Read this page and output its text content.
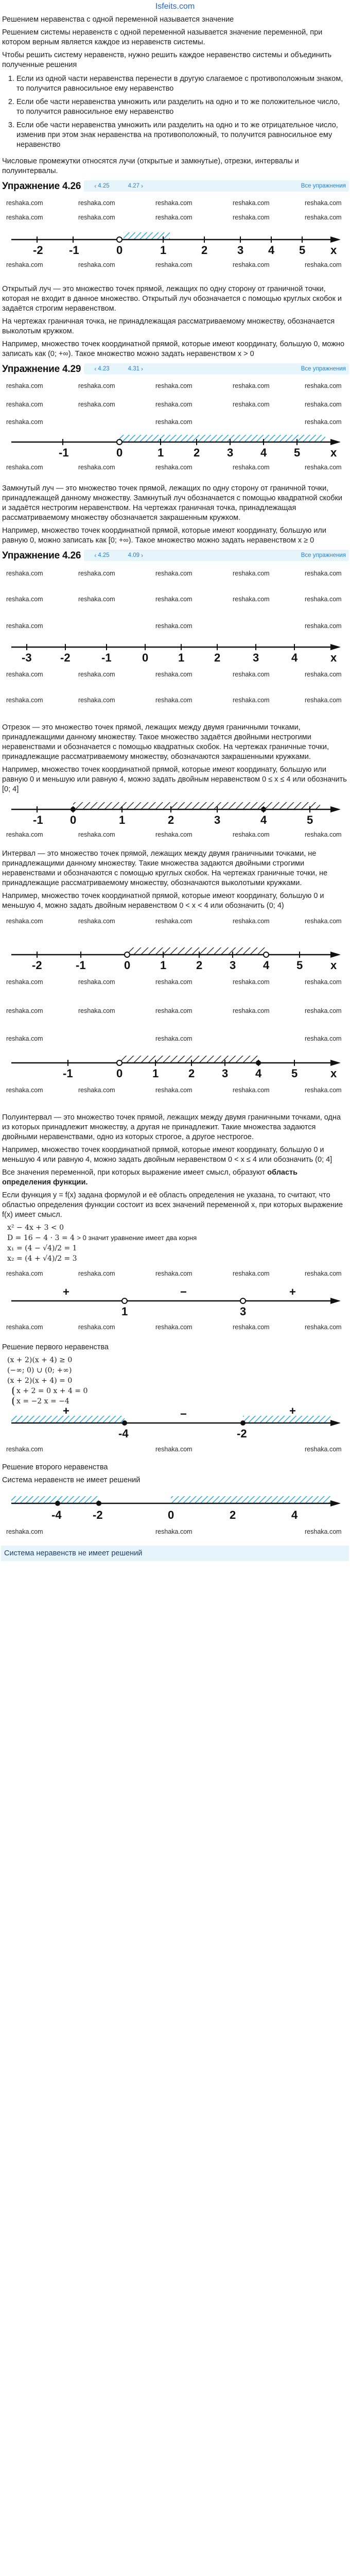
Isfeits.com

Решением неравенства с одной переменной называется значение

Решением системы неравенств с одной переменной называется значение переменной, при котором верным является каждое из неравенств системы.

Чтобы решить систему неравенств, нужно решить каждое неравенство системы и объединить полученные решения

1. Если из одной части неравенства перенести в другую слагаемое с противоположным знаком, то получится равносильное ему неравенство
2. Если обе части неравенства умножить или разделить на одно и то же положительное число, то получится равносильное ему неравенство
3. Если обе части неравенства умножить или разделить на одно и то же отрицательное число, изменив при этом знак неравенства на противоположный, то получится равносильное ему неравенство

Числовые промежутки относятся лучи (открытые и замкнутые), отрезки, интервалы и полуинтервалы.

Упражнение 4.26	‹ 4.25	4.27 ›	Все упражнения
reshaka.com	reshaka.com	reshaka.com	reshaka.com	reshaka.com
reshaka.com	reshaka.com	reshaka.com	reshaka.com	reshaka.com
-2 -1	0	1	2	3 4 5 x
reshaka.com	reshaka.com	reshaka.com	reshaka.com	reshaka.com

Открытый луч — это множество точек прямой, лежащих по одну сторону от граничной точки, которая не входит в данное множество. Открытый луч обозначается с помощью круглых скобок и задаётся строгим неравенством.

На чертежах граничная точка, не принадлежащая рассматриваемому множеству, обозначается выколотым кружком.

Например, множество точек координатной прямой, которые имеют координату, большую 0, можно записать как (0; +∞). Такое множество можно задать неравенством x > 0

Упражнение 4.29	‹ 4.23	4.31 ›	Все упражнения
reshaka.com	reshaka.com	reshaka.com	reshaka.com	reshaka.com
reshaka.com	reshaka.com	reshaka.com	reshaka.com	reshaka.com
reshaka.com	reshaka.com	reshaka.com
-1	0	1	2 3 4 5	x
reshaka.com	reshaka.com	reshaka.com	reshaka.com	reshaka.com

Замкнутый луч — это множество точек прямой, лежащих по одну сторону от граничной точки, принадлежащей данному множеству. Замкнутый луч обозначается с помощью квадратной скобки и задаётся нестрогим неравенством. На чертежах граничная точка, принадлежащая рассматриваемому множеству обозначается закрашенным кружком.

Например, множество точек координатной прямой, которые имеют координату, большую или равную 0, можно записать как [0; +∞). Такое множество можно задать неравенством x ≥ 0

Упражнение 4.26	‹ 4.25	4.09 ›	Все упражнения
reshaka.com	reshaka.com	reshaka.com	reshaka.com	reshaka.com
reshaka.com	reshaka.com	reshaka.com	reshaka.com	reshaka.com
reshaka.com	reshaka.com	reshaka.com
-3	-2	-1	0	1	2	3	4	x
reshaka.com	reshaka.com	reshaka.com	reshaka.com	reshaka.com
reshaka.com	reshaka.com	reshaka.com	reshaka.com	reshaka.com

Отрезок — это множество точек прямой, лежащих между двумя граничными точками, принадлежащими данному множеству. Такое множество задаётся двойными нестрогими неравенствами и обозначается с помощью квадратных скобок. На чертежах граничные точки, принадлежащие рассматриваемому множеству, обозначаются закрашенными кружками.

Например, множество точек координатной прямой, которые имеют координату, большую или равную 0 и меньшую или равную 4, можно задать двойным неравенством 0 ≤ x ≤ 4 или обозначить [0; 4]

-1 0	1	2	3	4	5
reshaka.com	reshaka.com	reshaka.com	reshaka.com	reshaka.com

Интервал — это множество точек прямой, лежащих между двумя граничными точками, не принадлежащими данному множеству. Такие множества задаются двойными строгими неравенствами и обозначаются с помощью круглых скобок. На чертежах граничные точки, не принадлежащие рассматриваемому множеству, обозначаются выколотыми кружками.

Например, множество точек координатной прямой, которые имеют координату, большую 0 и меньшую 4, можно задать двойным неравенством 0 < x < 4 или обозначить (0; 4)

reshaka.com	reshaka.com	reshaka.com	reshaka.com	reshaka.com
-2	-1	0	1	2 3 4 5 x
reshaka.com	reshaka.com	reshaka.com	reshaka.com	reshaka.com
reshaka.com	reshaka.com	reshaka.com	reshaka.com	reshaka.com
reshaka.com	reshaka.com	reshaka.com
-1	0	1	2 3 4	5	x
reshaka.com	reshaka.com	reshaka.com	reshaka.com	reshaka.com

Полуинтервал — это множество точек прямой, лежащих между двумя граничными точками, одна из которых принадлежит множеству, а другая не принадлежит. Такие множества задаются двойными неравенствами, одно из которых строгое, а другое нестрогое.

Например, множество точек координатной прямой, которые имеют координату, большую 0 и меньшую 4 или равную 4, можно задать двойным неравенством 0 < x ≤ 4 или обозначить (0; 4]

Все значения переменной, при которых выражение имеет смысл, образуют область определения функции.

Если функция y = f(x) задана формулой и её область определения не указана, то считают, что областью определения функции состоит из всех значений переменной x, при которых выражение f(x) имеет смысл.

x² − 4x + 3 < 0
D = 16 − 4 · 3 = 4 > 0 значит уравнение имеет два корня
x₁ = (4 − √4)/2 = 1
x₂ = (4 + √4)/2 = 3
reshaka.com	reshaka.com	reshaka.com	reshaka.com	reshaka.com
+
1
−
3
+
reshaka.com	reshaka.com	reshaka.com	reshaka.com	reshaka.com

Решение первого неравенства

(x + 2)(x + 4) ≥ 0
(−∞; 0) ∪ (0; +∞)
(x + 2)(x + 4) = 0
x + 2 = 0 x + 4 = 0
x = −2 x = −4
+
-4
−
-2
+
reshaka.com	reshaka.com	reshaka.com

Решение второго неравенства

Система неравенств не имеет решений

-4	-2	0	2	4
reshaka.com	reshaka.com	reshaka.com
Система неравенств не имеет решений
